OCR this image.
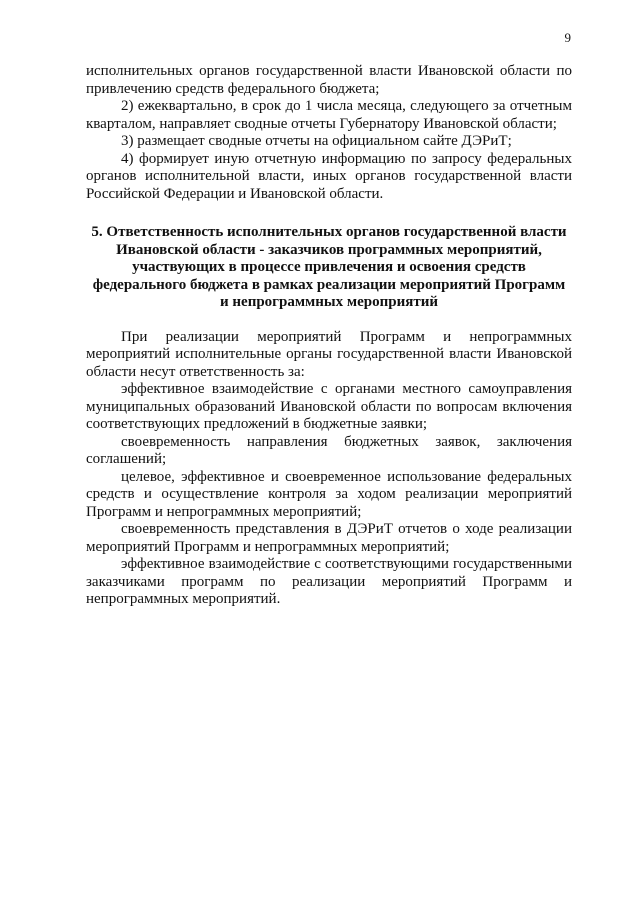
9

исполнительных органов государственной власти Ивановской области по привлечению средств федерального бюджета;

2) ежеквартально, в срок до 1 числа месяца, следующего за отчетным кварталом, направляет сводные отчеты Губернатору Ивановской области;

3) размещает сводные отчеты на официальном сайте ДЭРиТ;

4) формирует иную отчетную информацию по запросу федеральных органов исполнительной власти, иных органов государственной власти Российской Федерации и Ивановской области.

5. Ответственность исполнительных органов государственной власти
Ивановской области - заказчиков программных мероприятий,
участвующих в процессе привлечения и освоения средств
федерального бюджета в рамках реализации мероприятий Программ
и непрограммных мероприятий

При реализации мероприятий Программ и непрограммных мероприятий исполнительные органы государственной власти Ивановской области несут ответственность за:

эффективное взаимодействие с органами местного самоуправления муниципальных образований Ивановской области по вопросам включения соответствующих предложений в бюджетные заявки;

своевременность направления бюджетных заявок, заключения соглашений;

целевое, эффективное и своевременное использование федеральных средств и осуществление контроля за ходом реализации мероприятий Программ и непрограммных мероприятий;

своевременность представления в ДЭРиТ отчетов о ходе реализации мероприятий Программ и непрограммных мероприятий;

эффективное взаимодействие с соответствующими государственными заказчиками программ по реализации мероприятий Программ и непрограммных мероприятий.
